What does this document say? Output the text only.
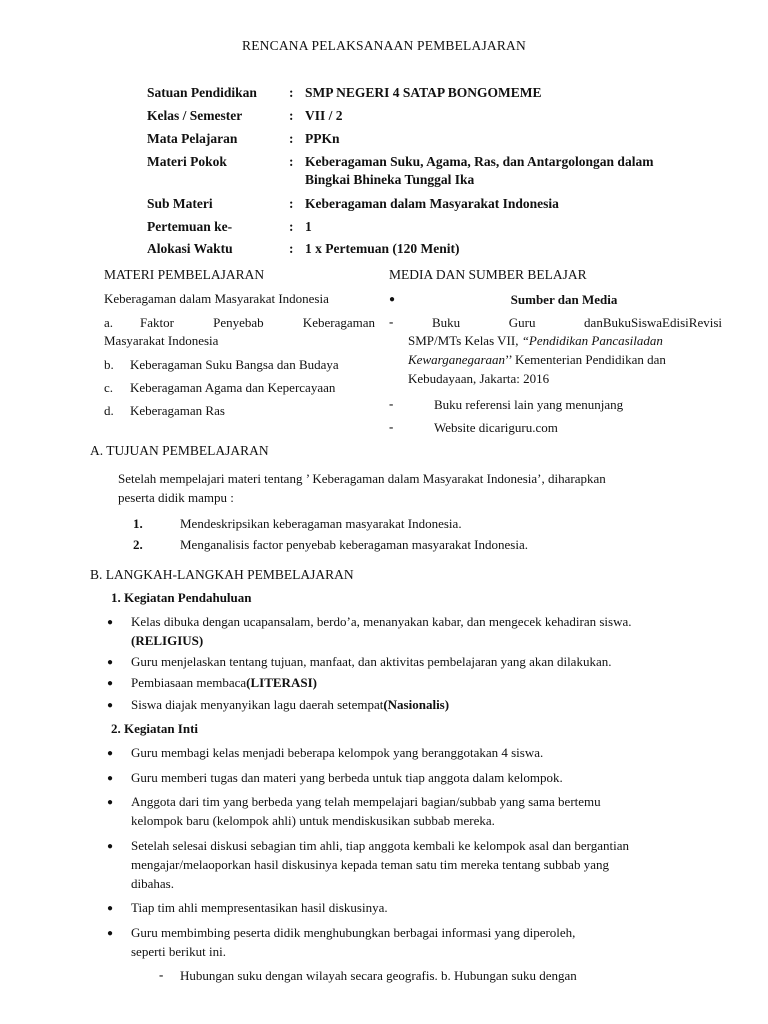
RENCANA PELAKSANAAN PEMBELAJARAN
Satuan Pendidikan : SMP NEGERI 4 SATAP BONGOMEME
Kelas / Semester	: VII / 2
Mata Pelajaran	: PPKn
Materi Pokok	: Keberagaman Suku, Agama, Ras, dan Antargolongan dalam
Bingkai Bhineka Tunggal Ika
Sub Materi	: Keberagaman dalam Masyarakat Indonesia
Pertemuan ke-	: 1
Alokasi Waktu	: 1 x Pertemuan (120 Menit)
MATERI PEMBELAJARAN
Keberagaman dalam Masyarakat Indonesia
a. Faktor Penyebab Keberagaman
Masyarakat Indonesia
b. Keberagaman Suku Bangsa dan Budaya
c. Keberagaman Agama dan Kepercayaan
d. Keberagaman Ras
MEDIA DAN SUMBER BELAJAR
●	Sumber dan Media
-	Buku Guru danBukuSiswaEdisiRevisi
SMP/MTs Kelas VII, “Pendidikan Pancasiladan
Kewarganegaraan’’ Kementerian Pendidikan dan
Kebudayaan, Jakarta: 2016
-	Buku referensi lain yang menunjang
-	Website dicariguru.com
A. TUJUAN PEMBELAJARAN
Setelah mempelajari materi tentang ’ Keberagaman dalam Masyarakat Indonesia’, diharapkan
peserta didik mampu :
1.	Mendeskripsikan keberagaman masyarakat Indonesia.
2.	Menganalisis factor penyebab keberagaman masyarakat Indonesia.
B. LANGKAH-LANGKAH PEMBELAJARAN
1. Kegiatan Pendahuluan
● Kelas dibuka dengan ucapansalam, berdo’a, menanyakan kabar, dan mengecek kehadiran siswa.
(RELIGIUS)
● Guru menjelaskan tentang tujuan, manfaat, dan aktivitas pembelajaran yang akan dilakukan.
● Pembiasaan membaca(LITERASI)
● Siswa diajak menyanyikan lagu daerah setempat(Nasionalis)
2. Kegiatan Inti
● Guru membagi kelas menjadi beberapa kelompok yang beranggotakan 4 siswa.
● Guru memberi tugas dan materi yang berbeda untuk tiap anggota dalam kelompok.
● Anggota dari tim yang berbeda yang telah mempelajari bagian/subbab yang sama bertemu
kelompok baru (kelompok ahli) untuk mendiskusikan subbab mereka.
● Setelah selesai diskusi sebagian tim ahli, tiap anggota kembali ke kelompok asal dan bergantian
mengajar/melaoporkan hasil diskusinya kepada teman satu tim mereka tentang subbab yang
dibahas.
● Tiap tim ahli mempresentasikan hasil diskusinya.
● Guru membimbing peserta didik menghubungkan berbagai informasi yang diperoleh,
seperti berikut ini.
- Hubungan suku dengan wilayah secara geografis. b. Hubungan suku dengan
